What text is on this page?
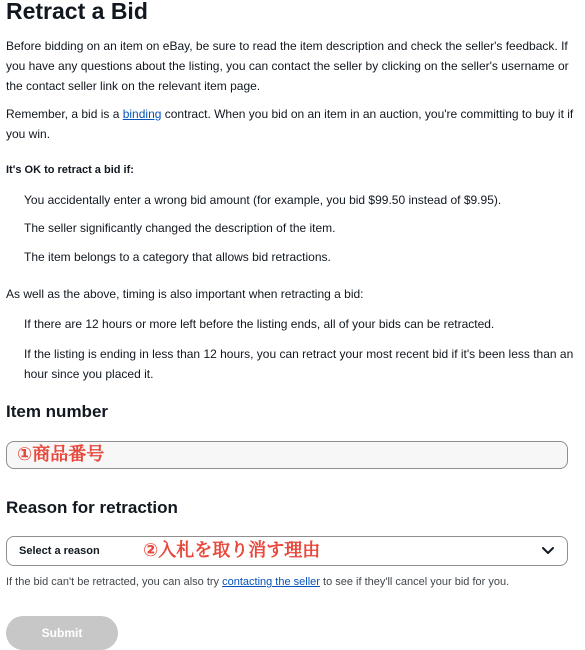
Retract a Bid

Before bidding on an item on eBay, be sure to read the item description and check the seller's feedback. If you have any questions about the listing, you can contact the seller by clicking on the seller's username or the contact seller link on the relevant item page.

Remember, a bid is a binding contract. When you bid on an item in an auction, you're committing to buy it if you win.

It's OK to retract a bid if:
You accidentally enter a wrong bid amount (for example, you bid $99.50 instead of $9.95).
The seller significantly changed the description of the item.
The item belongs to a category that allows bid retractions.
As well as the above, timing is also important when retracting a bid:
If there are 12 hours or more left before the listing ends, all of your bids can be retracted.
If the listing is ending in less than 12 hours, you can retract your most recent bid if it's been less than an hour since you placed it.
Item number
①商品番号
Reason for retraction
Select a reason ②入札を取り消す理由
If the bid can't be retracted, you can also try contacting the seller to see if they'll cancel your bid for you.
Submit
